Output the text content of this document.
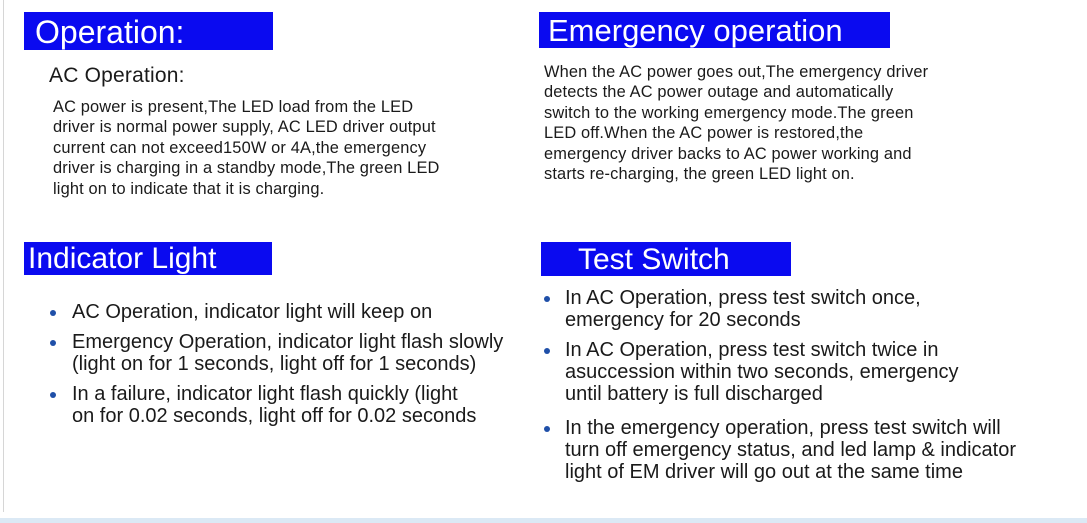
Operation:
AC Operation:
AC power is present,The LED load from the LED
driver is normal power supply, AC LED driver output
current can not exceed150W or 4A,the emergency
driver is charging in a standby mode,The green LED
light on to indicate that it is charging.
Emergency operation
When the AC power goes out,The emergency driver
detects the AC power outage and automatically
switch to the working emergency mode.The green
LED off.When the AC power is restored,the
emergency driver backs to AC power working and
starts re-charging, the green LED light on.
Indicator Light
AC Operation, indicator light will keep on
Emergency Operation, indicator light flash slowly
(light on for 1 seconds, light off for 1 seconds)
In a failure, indicator light flash quickly (light
on for 0.02 seconds, light off for 0.02 seconds
Test Switch
In AC Operation, press test switch once,
emergency for 20 seconds
In AC Operation, press test switch twice in
asuccession within two seconds, emergency
until battery is full discharged
In the emergency operation, press test switch will
turn off emergency status, and led lamp & indicator
light of EM driver will go out at the same time
